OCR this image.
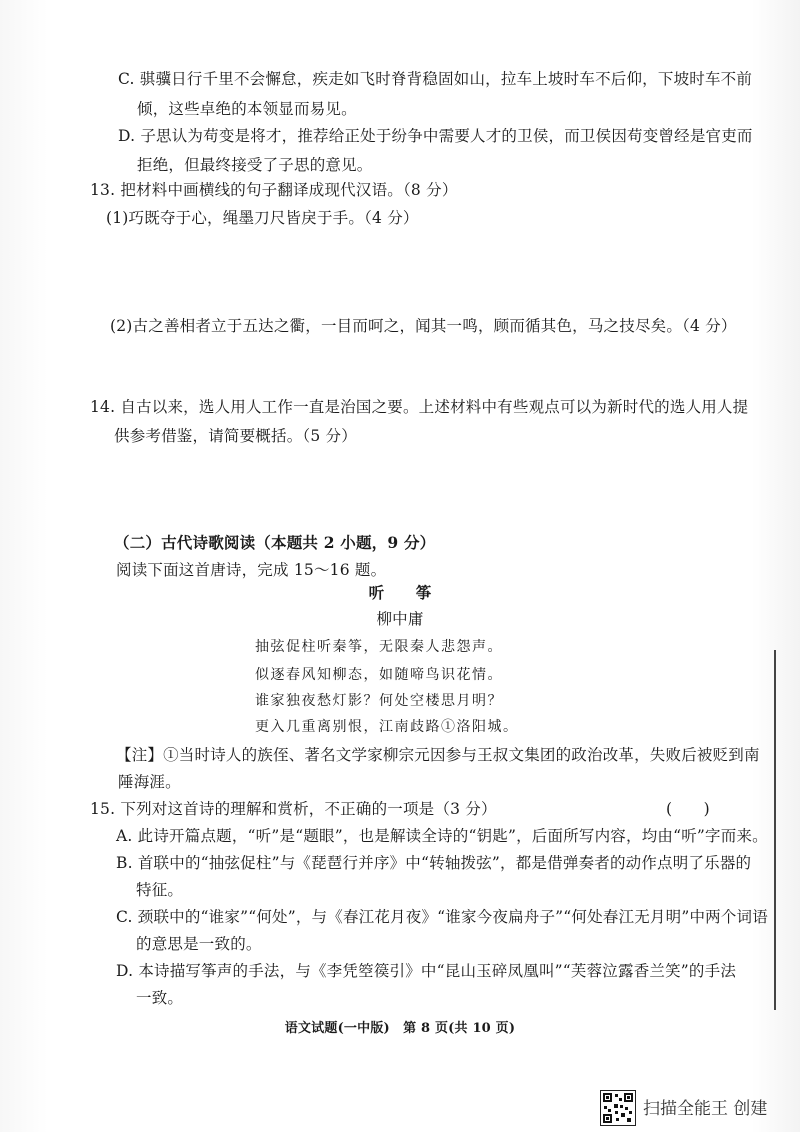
C. 骐骥日行千里不会懈怠，疾走如飞时脊背稳固如山，拉车上坡时车不后仰，下坡时车不前
倾，这些卓绝的本领显而易见。
D. 子思认为苟变是将才，推荐给正处于纷争中需要人才的卫侯，而卫侯因苟变曾经是官吏而
拒绝，但最终接受了子思的意见。
13. 把材料中画横线的句子翻译成现代汉语。（8 分）
(1)巧既夺于心，绳墨刀尺皆戾于手。（4 分）
(2)古之善相者立于五达之衢，一目而呵之，闻其一鸣，顾而循其色，马之技尽矣。（4 分）
14. 自古以来，选人用人工作一直是治国之要。上述材料中有些观点可以为新时代的选人用人提
供参考借鉴，请简要概括。（5 分）
（二）古代诗歌阅读（本题共 2 小题，9 分）
阅读下面这首唐诗，完成 15～16 题。
听　　筝
柳中庸
抽弦促柱听秦筝，无限秦人悲怨声。
似逐春风知柳态，如随啼鸟识花情。
谁家独夜愁灯影？何处空楼思月明？
更入几重离别恨，江南歧路①洛阳城。
【注】①当时诗人的族侄、著名文学家柳宗元因参与王叔文集团的政治改革，失败后被贬到南
陲海涯。
15. 下列对这首诗的理解和赏析，不正确的一项是（3 分）	(　　)
A. 此诗开篇点题，“听”是“题眼”，也是解读全诗的“钥匙”，后面所写内容，均由“听”字而来。
B. 首联中的“抽弦促柱”与《琵琶行并序》中“转轴拨弦”，都是借弹奏者的动作点明了乐器的
特征。
C. 颈联中的“谁家”“何处”，与《春江花月夜》“谁家今夜扁舟子”“何处春江无月明”中两个词语
的意思是一致的。
D. 本诗描写筝声的手法，与《李凭箜篌引》中“昆山玉碎凤凰叫”“芙蓉泣露香兰笑”的手法
一致。
语文试题(一中版)　第 8 页(共 10 页)
扫描全能王 创建
